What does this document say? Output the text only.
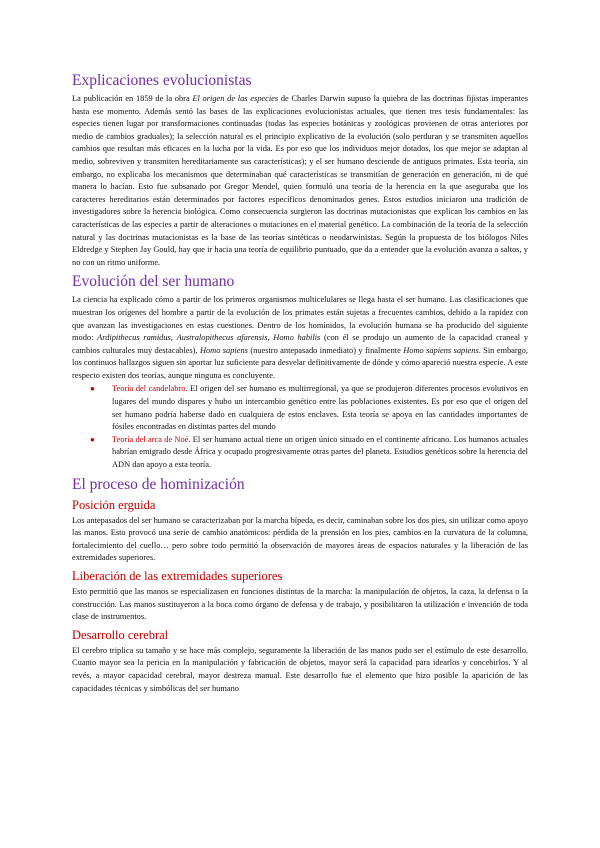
Explicaciones evolucionistas

La publicación en 1859 de la obra El origen de las especies de Charles Darwin supuso la quiebra de las doctrinas fijistas imperantes hasta ese momento. Además sentó las bases de las explicaciones evolucionistas actuales, que tienen tres tesis fundamentales: las especies tienen lugar por transformaciones continuadas (todas las especies botánicas y zoológicas provienen de otras anteriores por medio de cambios graduales); la selección natural es el principio explicativo de la evolución (solo perduran y se transmiten aquellos cambios que resultan más eficaces en la lucha por la vida. Es por eso que los individuos mejor dotados, los que mejor se adaptan al medio, sobreviven y transmiten hereditariamente sus características); y el ser humano desciende de antiguos primates. Esta teoría, sin embargo, no explicaba los mecanismos que determinaban qué características se transmitían de generación en generación, ni de qué manera lo hacían. Esto fue subsanado por Gregor Mendel, quien formuló una teoría de la herencia en la que aseguraba que los caracteres hereditarios están determinados por factores específicos denominados genes. Estos estudios iniciaron una tradición de investigadores sobre la herencia biológica. Como consecuencia surgieron las doctrinas mutacionistas que explican los cambios en las características de las especies a partir de alteraciones o mutaciones en el material genético. La combinación de la teoría de la selección natural y las doctrinas mutacionistas es la base de las teorías sintéticas o neodarwinistas. Según la propuesta de los biólogos Niles Eldredge y Stephen Jay Gould, hay que ir hacia una teoría de equilibrio puntuado, que da a entender que la evolución avanza a saltos, y no con un ritmo uniforme.

Evolución del ser humano

La ciencia ha explicado cómo a partir de los primeros organismos multicelulares se llega hasta el ser humano. Las clasificaciones que muestran los orígenes del hombre a partir de la evolución de los primates están sujetas a frecuentes cambios, debido a la rapidez con que avanzan las investigaciones en estas cuestiones. Dentro de los homínidos, la evolución humana se ha producido del siguiente modo: Ardipithecus ramidus, Australopithecus afarensis, Homo habilis (con él se produjo un aumento de la capacidad craneal y cambios culturales muy destacables), Homo sapiens (nuestro antepasado inmediato) y finalmente Homo sapiens sapiens. Sin embargo, los continuos hallazgos siguen sin aportar luz suficiente para desvelar definitivamente de dónde y cómo apareció nuestra especie. A este respecto existen dos teorías, aunque ninguna es concluyente.

● Teoría del candelabro. El origen del ser humano es multirregional, ya que se produjeron diferentes procesos evolutivos en lugares del mundo dispares y hubo un intercambio genético entre las poblaciones existentes. Es por eso que el origen del ser humano podría haberse dado en cualquiera de estos enclaves. Esta teoría se apoya en las cantidades importantes de fósiles encontradas en distintas partes del mundo
● Teoría del arca de Noé. El ser humano actual tiene un origen único situado en el continente africano. Los humanos actuales habrían emigrado desde África y ocupado progresivamente otras partes del planeta. Estudios genéticos sobre la herencia del ADN dan apoyo a esta teoría.
El proceso de hominización
Posición erguida

Los antepasados del ser humano se caracterizaban por la marcha bípeda, es decir, caminaban sobre los dos pies, sin utilizar como apoyo las manos. Esto provocó una serie de cambio anatómicos: pérdida de la prensión en los pies, cambios en la curvatura de la columna, fortalecimiento del cuello… pero sobre todo permitió la observación de mayores áreas de espacios naturales y la liberación de las extremidades superiores.

Liberación de las extremidades superiores

Esto permitió que las manos se especializasen en funciones distintas de la marcha: la manipulación de objetos, la caza, la defensa o la construcción. Las manos sustituyeron a la boca como órgano de defensa y de trabajo, y posibilitaron la utilización e invención de toda clase de instrumentos.

Desarrollo cerebral

El cerebro triplica su tamaño y se hace más complejo, seguramente la liberación de las manos pudo ser el estímulo de este desarrollo. Cuanto mayor sea la pericia en la manipulación y fabricación de objetos, mayor será la capacidad para idearlos y concebirlos. Y al revés, a mayor capacidad cerebral, mayor destreza manual. Este desarrollo fue el elemento que hizo posible la aparición de las capacidades técnicas y simbólicas del ser humano
